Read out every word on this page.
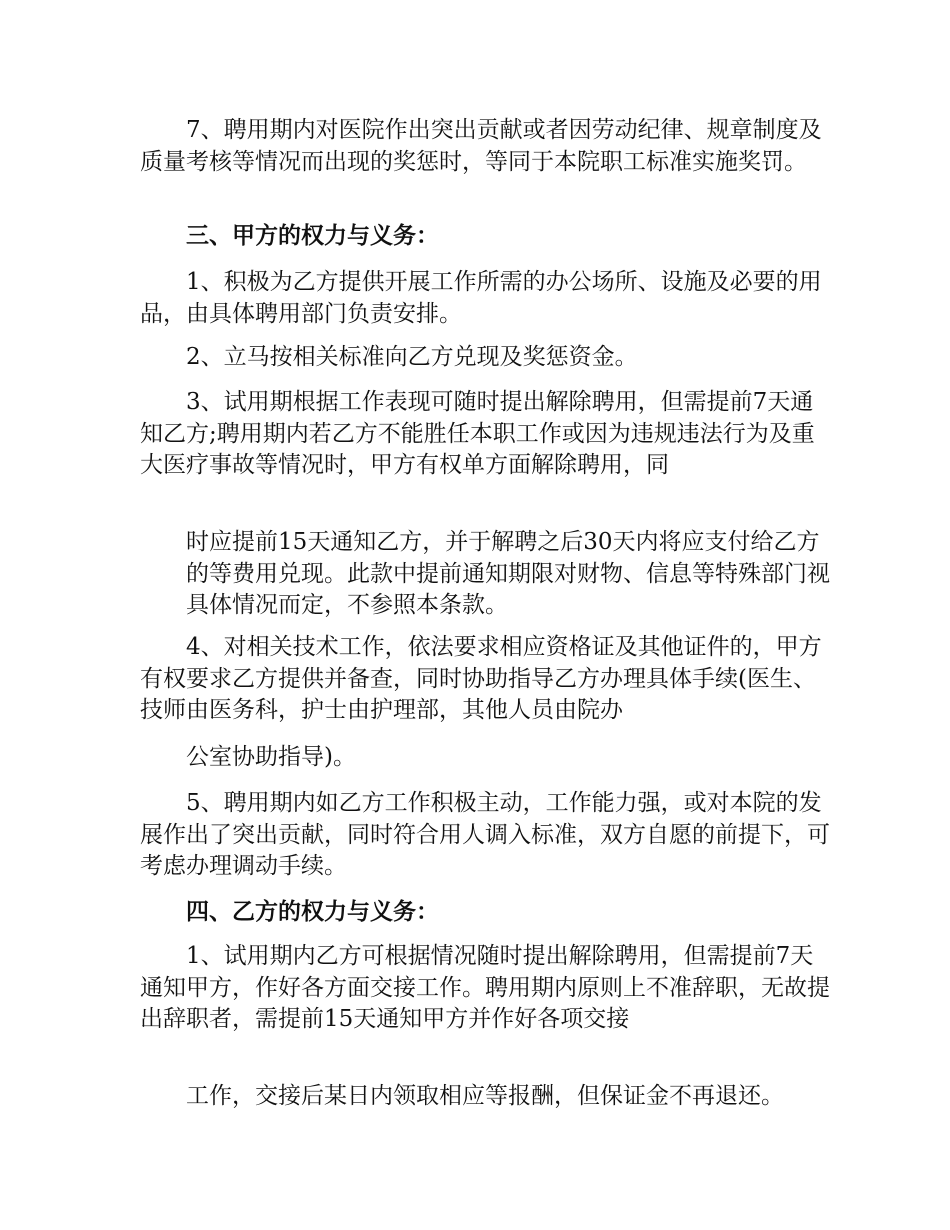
7、聘用期内对医院作出突出贡献或者因劳动纪律、规章制度及质量考核等情况而出现的奖惩时，等同于本院职工标准实施奖罚。

三、甲方的权力与义务：

1、积极为乙方提供开展工作所需的办公场所、设施及必要的用品，由具体聘用部门负责安排。

2、立马按相关标准向乙方兑现及奖惩资金。

3、试用期根据工作表现可随时提出解除聘用，但需提前7天通知乙方;聘用期内若乙方不能胜任本职工作或因为违规违法行为及重大医疗事故等情况时，甲方有权单方面解除聘用，同

时应提前15天通知乙方，并于解聘之后30天内将应支付给乙方的等费用兑现。此款中提前通知期限对财物、信息等特殊部门视具体情况而定，不参照本条款。

4、对相关技术工作，依法要求相应资格证及其他证件的，甲方有权要求乙方提供并备查，同时协助指导乙方办理具体手续(医生、技师由医务科，护士由护理部，其他人员由院办

公室协助指导)。

5、聘用期内如乙方工作积极主动，工作能力强，或对本院的发展作出了突出贡献，同时符合用人调入标准，双方自愿的前提下，可考虑办理调动手续。

四、乙方的权力与义务：

1、试用期内乙方可根据情况随时提出解除聘用，但需提前7天通知甲方，作好各方面交接工作。聘用期内原则上不准辞职，无故提出辞职者，需提前15天通知甲方并作好各项交接

工作，交接后某日内领取相应等报酬，但保证金不再退还。
